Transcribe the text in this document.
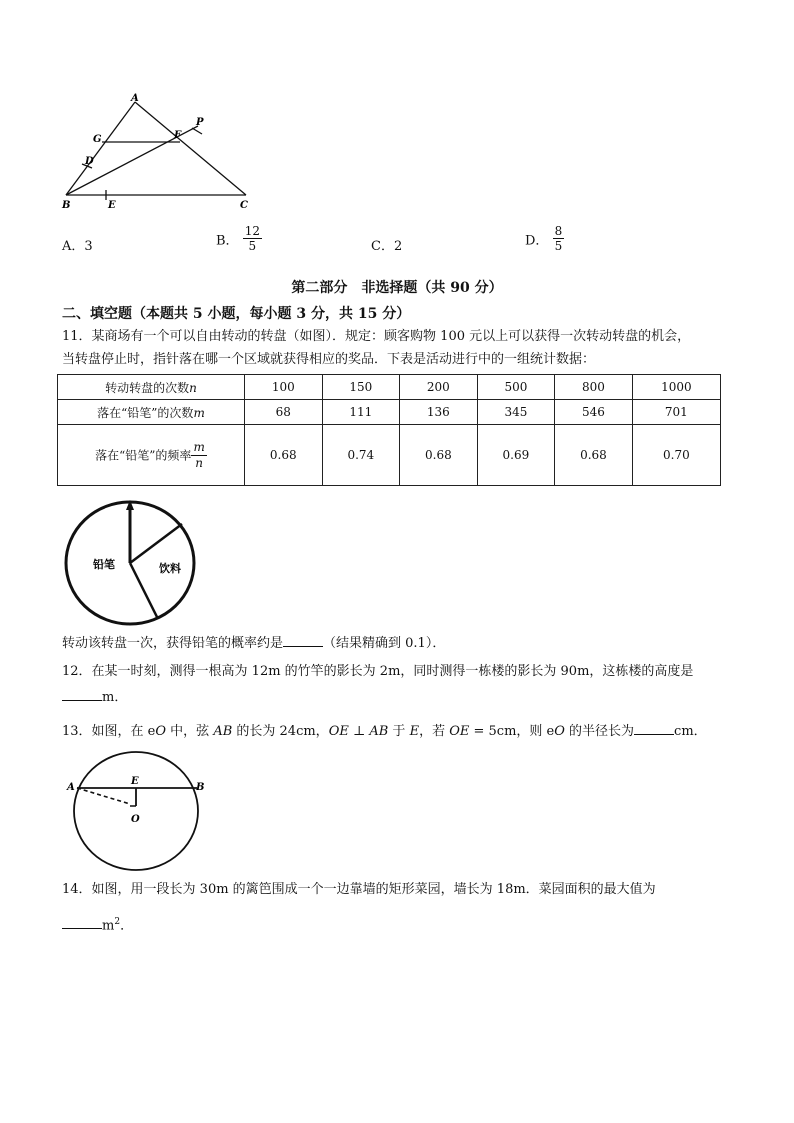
A
G	F
P
D
B	E	C
A．3	B． $\frac{12}{5}$	C．2	D． $\frac{8}{5}$
第二部分　非选择题（共 90 分）
二、填空题（本题共 5 小题，每小题 3 分，共 15 分）
11．某商场有一个可以自由转动的转盘（如图）．规定：顾客购物 100 元以上可以获得一次转动转盘的机会，
当转盘停止时，指针落在哪一个区域就获得相应的奖品．下表是活动进行中的一组统计数据：
转动转盘的次数n	100	150	200	500	800	1000
落在“铅笔”的次数m	68	111	136	345	546	701
落在“铅笔”的频率 $\frac{m}{n}$	0.68	0.74	0.68	0.69	0.68	0.70
铅笔	饮料
转动该转盘一次，获得铅笔的概率约是	（结果精确到 0.1）．
12．在某一时刻，测得一根高为 12m 的竹竿的影长为 2m，同时测得一栋楼的影长为 90m，这栋楼的高度是
m．
13．如图，在 eO 中，弦 AB 的长为 24cm，OE ⊥ AB 于 E，若 OE = 5cm，则 eO 的半径长为	cm．
A
E
B
O
14．如图，用一段长为 30m 的篱笆围成一个一边靠墙的矩形菜园，墙长为 18m．菜园面积的最大值为
$m^2$．
